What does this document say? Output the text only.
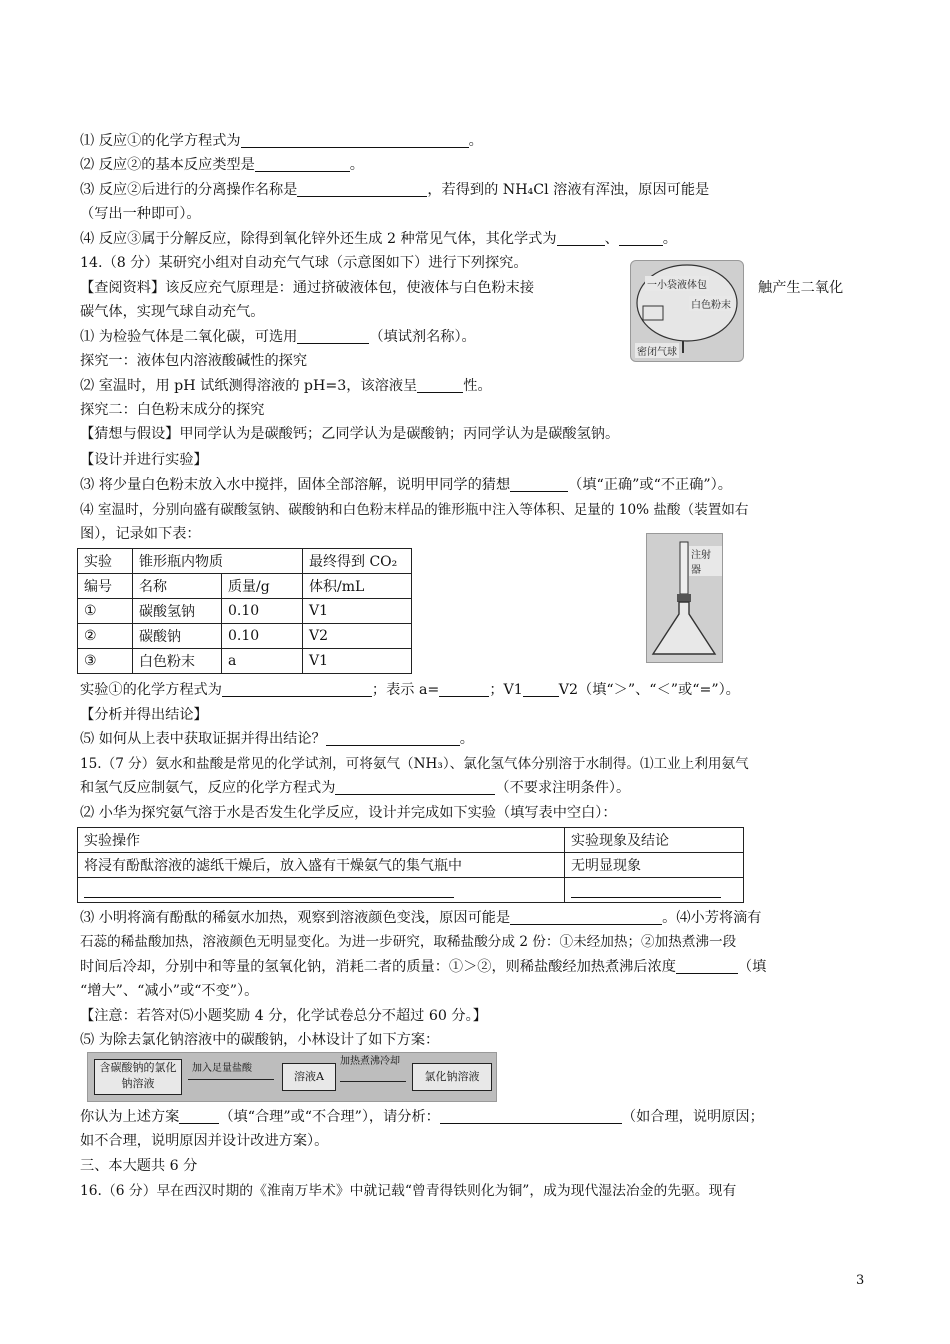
⑴ 反应①的化学方程式为	。
⑵ 反应②的基本反应类型是	。
⑶ 反应②后进行的分离操作名称是	，若得到的 NH₄Cl 溶液有浑浊，原因可能是
（写出一种即可）。
⑷ 反应③属于分解反应，除得到氧化锌外还生成 2 种常见气体，其化学式为	、	。
14.（8 分）某研究小组对自动充气气球（示意图如下）进行下列探究。
【查阅资料】该反应充气原理是：通过挤破液体包，使液体与白色粉末接	触产生二氧化
碳气体，实现气球自动充气。
一小袋液体包
白色粉末
密闭气球
⑴ 为检验气体是二氧化碳，可选用	（填试剂名称）。
探究一：液体包内溶液酸碱性的探究
⑵ 室温时，用 pH 试纸测得溶液的 pH=3，该溶液呈	性。
探究二：白色粉末成分的探究
【猜想与假设】甲同学认为是碳酸钙；乙同学认为是碳酸钠；丙同学认为是碳酸氢钠。
【设计并进行实验】
⑶ 将少量白色粉末放入水中搅拌，固体全部溶解，说明甲同学的猜想	（填“正确”或“不正确”）。
⑷ 室温时，分别向盛有碳酸氢钠、碳酸钠和白色粉末样品的锥形瓶中注入等体积、足量的 10% 盐酸（装置如右
图），记录如下表：
实验	锥形瓶内物质		最终得到 CO₂
编号	名称	质量/g	体积/mL
①	碳酸氢钠	0.10	V1
②	碳酸钠	0.10	V2
③	白色粉末	a	V1
注射器
实验①的化学方程式为	；表示 a=	；V1	V2（填“＞”、“＜”或“=”）。
【分析并得出结论】
⑸ 如何从上表中获取证据并得出结论？	。
15.（7 分）氨水和盐酸是常见的化学试剂，可将氨气（NH₃）、氯化氢气体分别溶于水制得。⑴工业上利用氨气
和氢气反应制氨气，反应的化学方程式为	（不要求注明条件）。
⑵ 小华为探究氨气溶于水是否发生化学反应，设计并完成如下实验（填写表中空白）：
实验操作	实验现象及结论
将浸有酚酞溶液的滤纸干燥后，放入盛有干燥氨气的集气瓶中	无明显现象

⑶ 小明将滴有酚酞的稀氨水加热，观察到溶液颜色变浅，原因可能是	。⑷小芳将滴有
石蕊的稀盐酸加热，溶液颜色无明显变化。为进一步研究，取稀盐酸分成 2 份：①未经加热；②加热煮沸一段
时间后冷却，分别中和等量的氢氧化钠，消耗二者的质量：①＞②，则稀盐酸经加热煮沸后浓度	（填
“增大”、“减小”或“不变”）。
【注意：若答对⑸小题奖励 4 分，化学试卷总分不超过 60 分。】
⑸ 为除去氯化钠溶液中的碳酸钠，小林设计了如下方案：
含碳酸钠的氯化钠溶液
加入足量盐酸
溶液A
加热煮沸冷却
氯化钠溶液
你认为上述方案	（填“合理”或“不合理”），请分析：	（如合理，说明原因；
如不合理，说明原因并设计改进方案）。
三、本大题共 6 分
16.（6 分）早在西汉时期的《淮南万毕术》中就记载“曾青得铁则化为铜”，成为现代湿法冶金的先驱。现有
3
